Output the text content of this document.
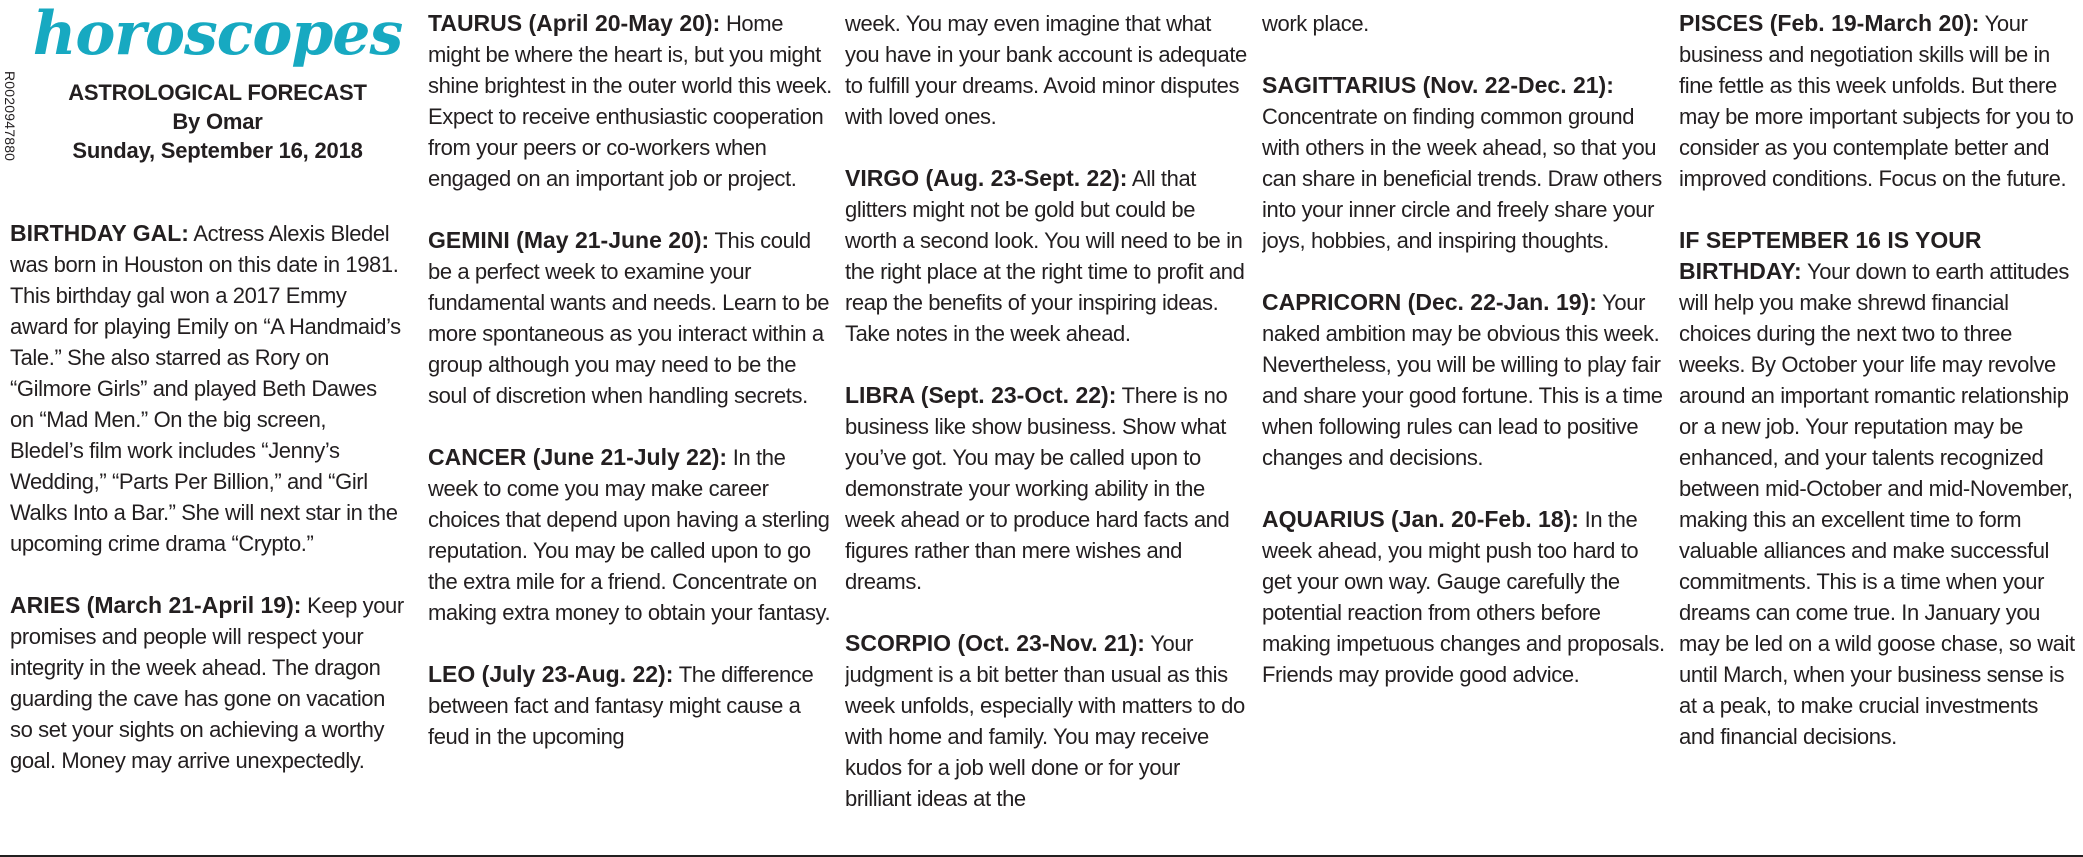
R0020947880
horoscopes
ASTROLOGICAL FORECAST
By Omar
Sunday, September 16, 2018

BIRTHDAY GAL: Actress Alexis Bledel was born in Houston on this date in 1981. This birthday gal won a 2017 Emmy award for playing Emily on “A Handmaid’s Tale.” She also starred as Rory on “Gilmore Girls” and played Beth Dawes on “Mad Men.” On the big screen, Bledel’s film work includes “Jenny’s Wedding,” “Parts Per Billion,” and “Girl Walks Into a Bar.” She will next star in the upcoming crime drama “Crypto.”

ARIES (March 21-April 19): Keep your promises and people will respect your integrity in the week ahead. The dragon guarding the cave has gone on vacation so set your sights on achieving a worthy goal. Money may arrive unexpectedly.

TAURUS (April 20-May 20): Home might be where the heart is, but you might shine brightest in the outer world this week. Expect to receive enthusiastic cooperation from your peers or co-workers when engaged on an important job or project.

GEMINI (May 21-June 20): This could be a perfect week to examine your fundamental wants and needs. Learn to be more spontaneous as you interact within a group although you may need to be the soul of discretion when handling secrets.

CANCER (June 21-July 22): In the week to come you may make career choices that depend upon having a sterling reputation. You may be called upon to go the extra mile for a friend. Concentrate on making extra money to obtain your fantasy.

LEO (July 23-Aug. 22): The difference between fact and fantasy might cause a feud in the upcoming

week. You may even imagine that what you have in your bank account is adequate to fulfill your dreams. Avoid minor disputes with loved ones.

VIRGO (Aug. 23-Sept. 22): All that glitters might not be gold but could be worth a second look. You will need to be in the right place at the right time to profit and reap the benefits of your inspiring ideas. Take notes in the week ahead.

LIBRA (Sept. 23-Oct. 22): There is no business like show business. Show what you’ve got. You may be called upon to demonstrate your working ability in the week ahead or to produce hard facts and figures rather than mere wishes and dreams.

SCORPIO (Oct. 23-Nov. 21): Your judgment is a bit better than usual as this week unfolds, especially with matters to do with home and family. You may receive kudos for a job well done or for your brilliant ideas at the

work place.

SAGITTARIUS (Nov. 22-Dec. 21): Concentrate on finding common ground with others in the week ahead, so that you can share in beneficial trends. Draw others into your inner circle and freely share your joys, hobbies, and inspiring thoughts.

CAPRICORN (Dec. 22-Jan. 19): Your naked ambition may be obvious this week. Nevertheless, you will be willing to play fair and share your good fortune. This is a time when following rules can lead to positive changes and decisions.

AQUARIUS (Jan. 20-Feb. 18): In the week ahead, you might push too hard to get your own way. Gauge carefully the potential reaction from others before making impetuous changes and proposals. Friends may provide good advice.

PISCES (Feb. 19-March 20): Your business and negotiation skills will be in fine fettle as this week unfolds. But there may be more important subjects for you to consider as you contemplate better and improved conditions. Focus on the future.

IF SEPTEMBER 16 IS YOUR BIRTHDAY: Your down to earth attitudes will help you make shrewd financial choices during the next two to three weeks. By October your life may revolve around an important romantic relationship or a new job. Your reputation may be enhanced, and your talents recognized between mid-October and mid-November, making this an excellent time to form valuable alliances and make successful commitments. This is a time when your dreams can come true. In January you may be led on a wild goose chase, so wait until March, when your business sense is at a peak, to make crucial investments and financial decisions.
